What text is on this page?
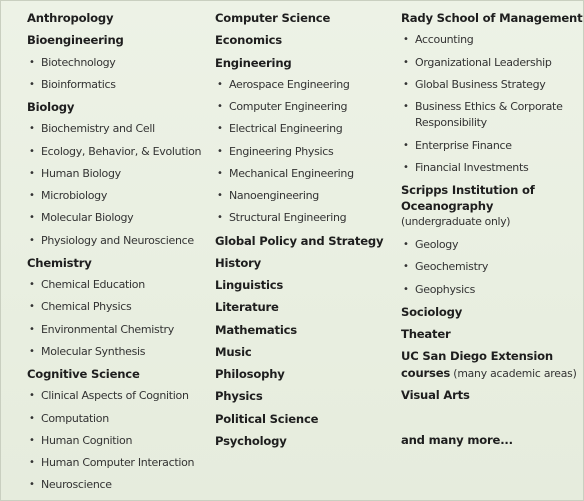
Anthropology
Bioengineering
• Biotechnology
• Bioinformatics
Biology
• Biochemistry and Cell
• Ecology, Behavior, & Evolution
• Human Biology
• Microbiology
• Molecular Biology
• Physiology and Neuroscience
Chemistry
• Chemical Education
• Chemical Physics
• Environmental Chemistry
• Molecular Synthesis
Cognitive Science
• Clinical Aspects of Cognition
• Computation
• Human Cognition
• Human Computer Interaction
• Neuroscience
Computer Science
Economics
Engineering
• Aerospace Engineering
• Computer Engineering
• Electrical Engineering
• Engineering Physics
• Mechanical Engineering
• Nanoengineering
• Structural Engineering
Global Policy and Strategy
History
Linguistics
Literature
Mathematics
Music
Philosophy
Physics
Political Science
Psychology
Rady School of Management
• Accounting
• Organizational Leadership
• Global Business Strategy
• Business Ethics & Corporate
Responsibility
• Enterprise Finance
• Financial Investments
Scripps Institution of
Oceanography
(undergraduate only)
• Geology
• Geochemistry
• Geophysics
Sociology
Theater
UC San Diego Extension
courses (many academic areas)
Visual Arts
and many more...
